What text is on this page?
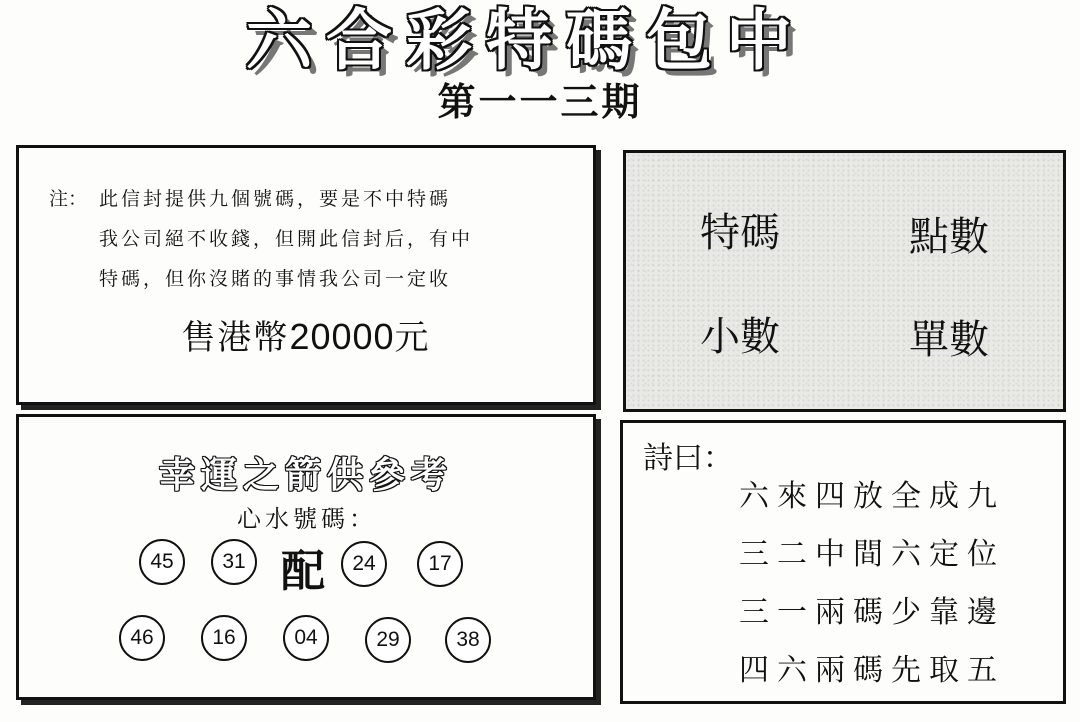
六合彩特碼包中
第一一三期
注： 此信封提供九個號碼，要是不中特碼
我公司絕不收錢，但開此信封后，有中
特碼，但你沒賭的事情我公司一定收
售港幣20000元
特碼	點數
小數	單數
幸運之箭供參考
心水號碼：
45	31 配	24	17
46	16	04	29	38
詩曰：
六來四放全成九
三二中間六定位
三一兩碼少靠邊
四六兩碼先取五
